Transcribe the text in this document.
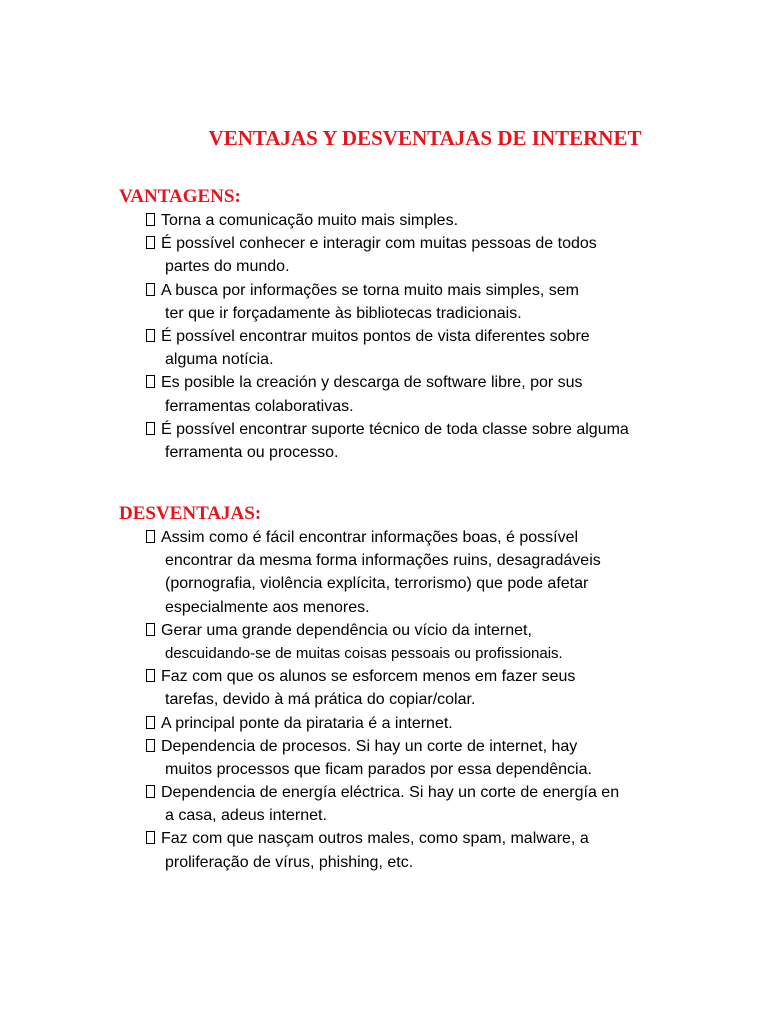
VENTAJAS Y DESVENTAJAS DE INTERNET
VANTAGENS:
Torna a comunicação muito mais simples.
É possível conhecer e interagir com muitas pessoas de todos
partes do mundo.
A busca por informações se torna muito mais simples, sem
ter que ir forçadamente às bibliotecas tradicionais.
É possível encontrar muitos pontos de vista diferentes sobre
alguma notícia.
Es posible la creación y descarga de software libre, por sus
ferramentas colaborativas.
É possível encontrar suporte técnico de toda classe sobre alguma
ferramenta ou processo.
DESVENTAJAS:
Assim como é fácil encontrar informações boas, é possível
encontrar da mesma forma informações ruins, desagradáveis
(pornografia, violência explícita, terrorismo) que pode afetar
especialmente aos menores.
Gerar uma grande dependência ou vício da internet,
descuidando-se de muitas coisas pessoais ou profissionais.
Faz com que os alunos se esforcem menos em fazer seus
tarefas, devido à má prática do copiar/colar.
A principal ponte da pirataria é a internet.
Dependencia de procesos. Si hay un corte de internet, hay
muitos processos que ficam parados por essa dependência.
Dependencia de energía eléctrica. Si hay un corte de energía en
a casa, adeus internet.
Faz com que nasçam outros males, como spam, malware, a
proliferação de vírus, phishing, etc.
